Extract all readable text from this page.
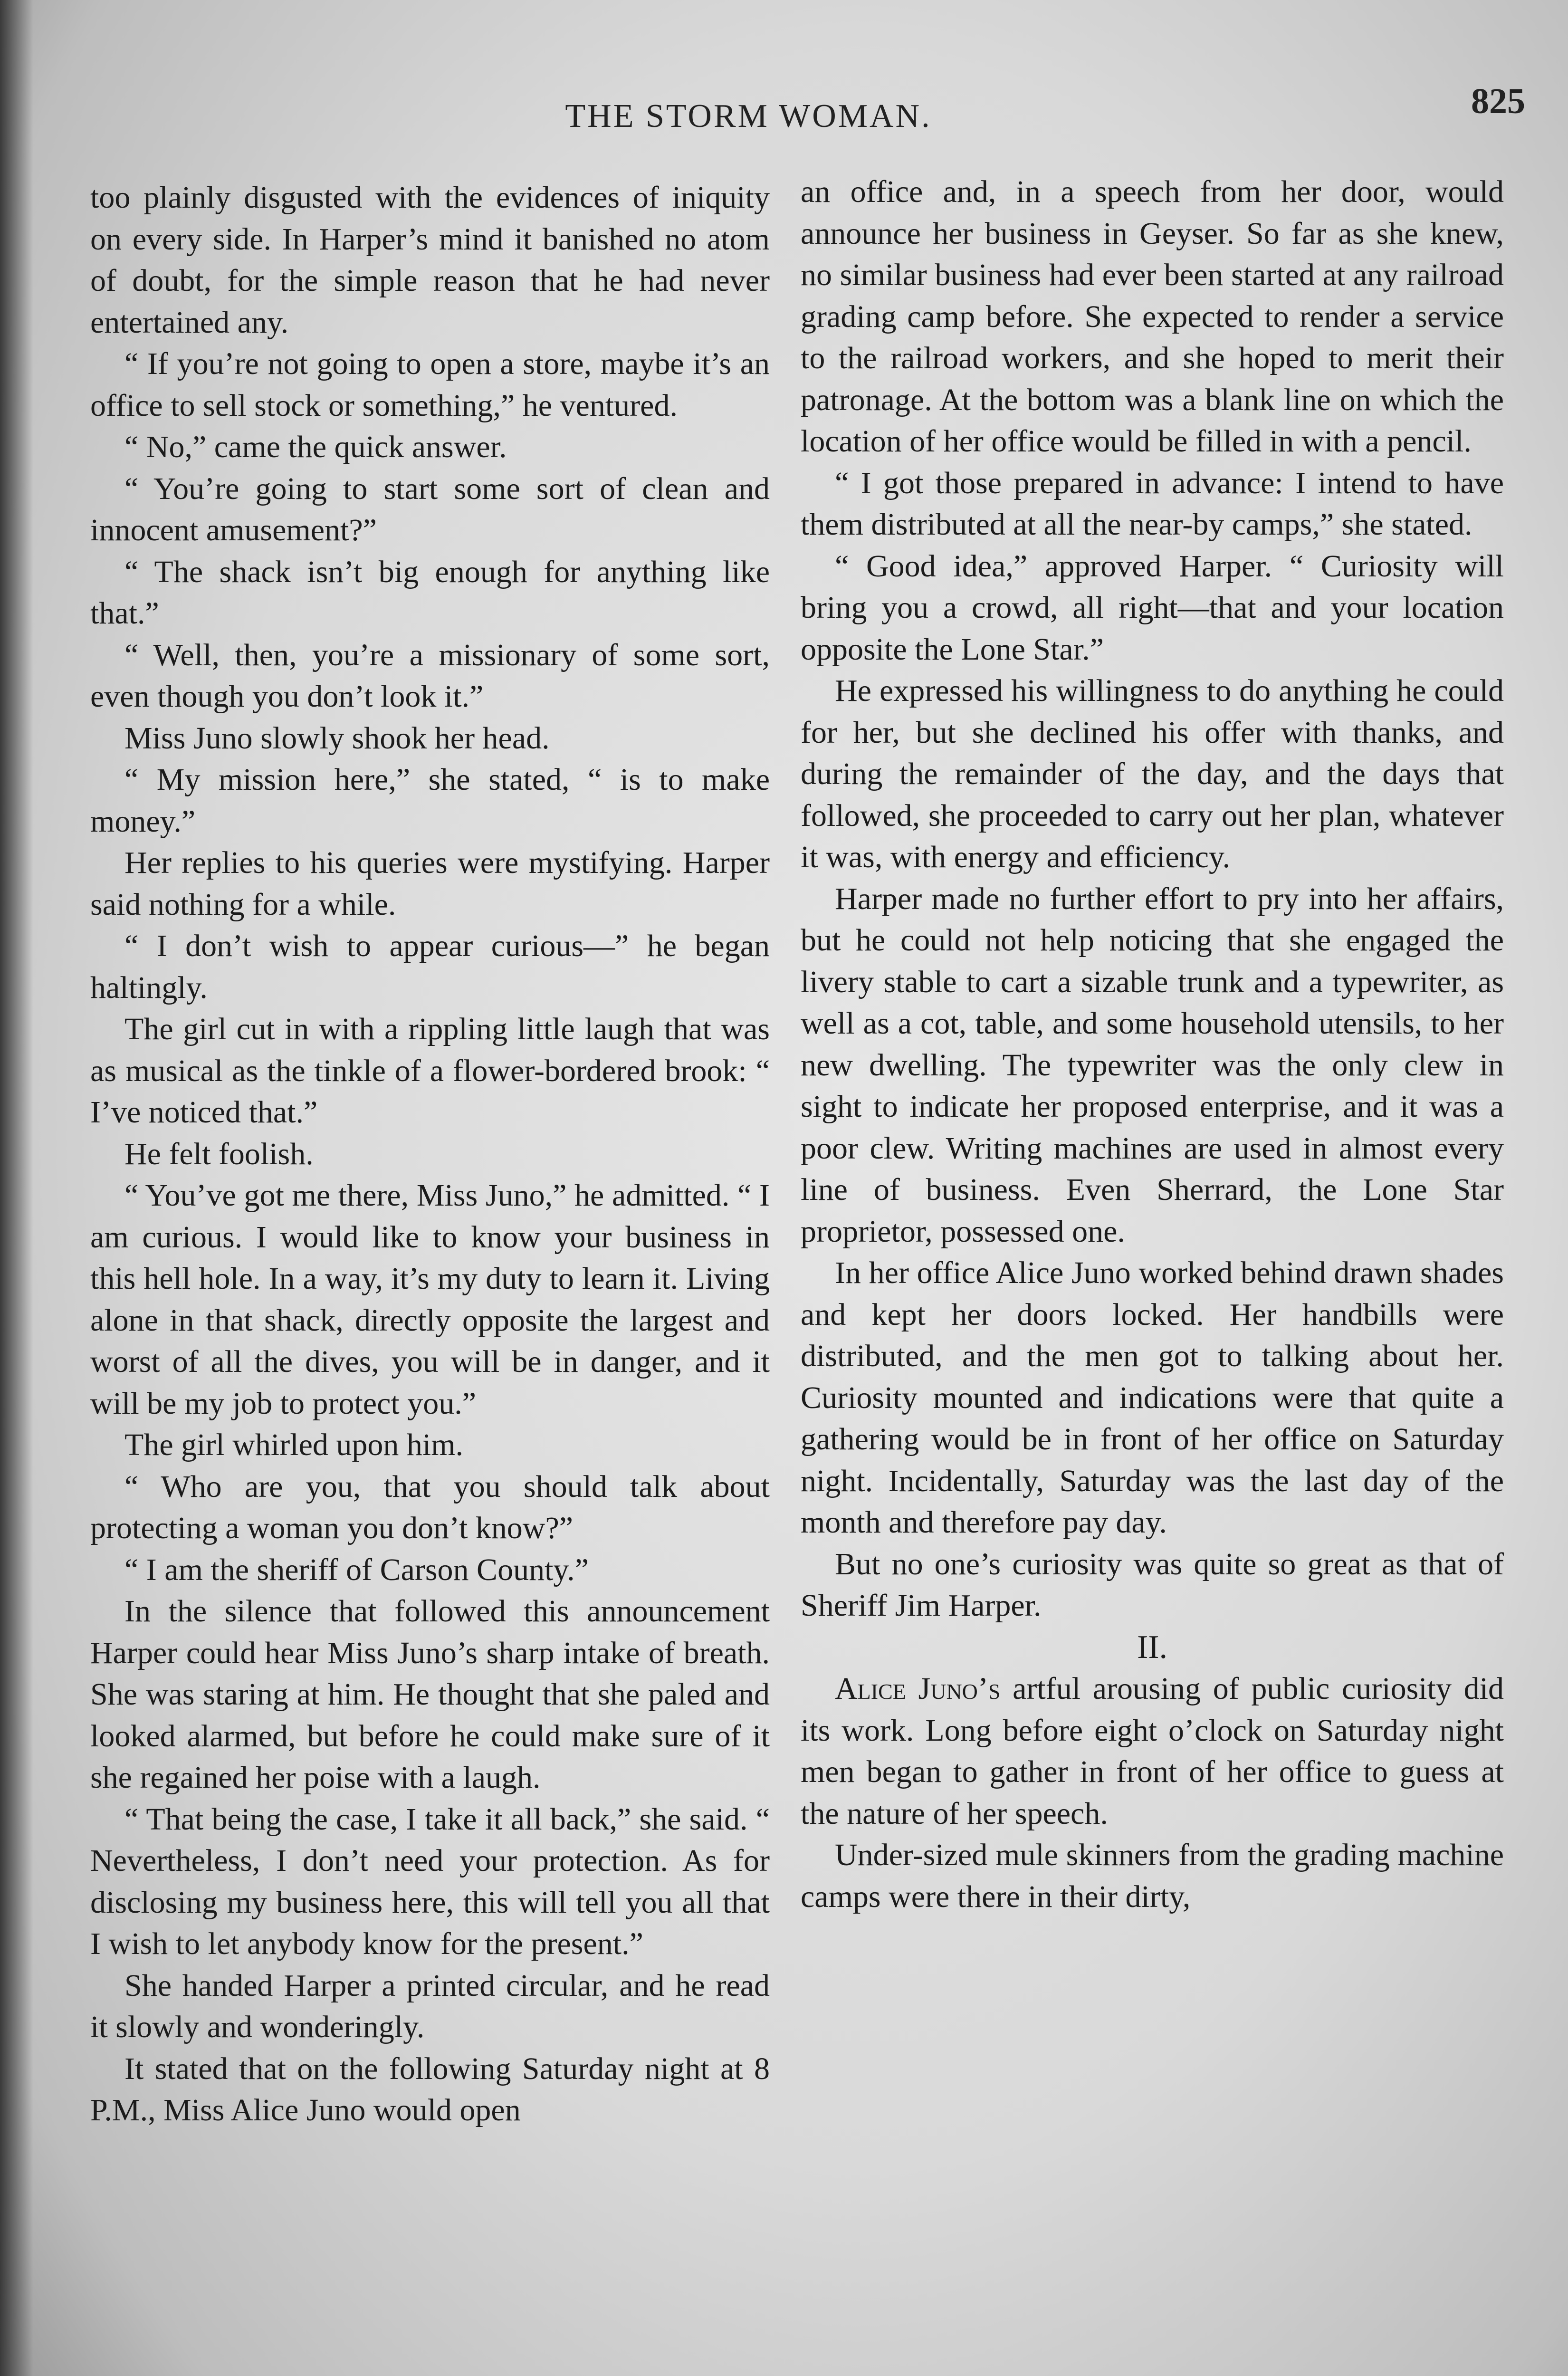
THE STORM WOMAN.	825

too plainly disgusted with the evidences of iniquity on every side. In Harper’s mind it banished no atom of doubt, for the simple reason that he had never entertained any.

“ If you’re not going to open a store, maybe it’s an office to sell stock or something,” he ventured.

“ No,” came the quick answer.

“ You’re going to start some sort of clean and innocent amusement?”

“ The shack isn’t big enough for anything like that.”

“ Well, then, you’re a missionary of some sort, even though you don’t look it.”

Miss Juno slowly shook her head.

“ My mission here,” she stated, “ is to make money.”

Her replies to his queries were mystifying. Harper said nothing for a while.

“ I don’t wish to appear curious—” he began haltingly.

The girl cut in with a rippling little laugh that was as musical as the tinkle of a flower-bordered brook: “ I’ve noticed that.”

He felt foolish.

“ You’ve got me there, Miss Juno,” he admitted. “ I am curious. I would like to know your business in this hell hole. In a way, it’s my duty to learn it. Living alone in that shack, directly opposite the largest and worst of all the dives, you will be in danger, and it will be my job to protect you.”

The girl whirled upon him.

“ Who are you, that you should talk about protecting a woman you don’t know?”

“ I am the sheriff of Carson County.”

In the silence that followed this announcement Harper could hear Miss Juno’s sharp intake of breath. She was staring at him. He thought that she paled and looked alarmed, but before he could make sure of it she regained her poise with a laugh.

“ That being the case, I take it all back,” she said. “ Nevertheless, I don’t need your protection. As for disclosing my business here, this will tell you all that I wish to let anybody know for the present.”

She handed Harper a printed circular, and he read it slowly and wonderingly.

It stated that on the following Saturday night at 8 P.M., Miss Alice Juno would open

an office and, in a speech from her door, would announce her business in Geyser. So far as she knew, no similar business had ever been started at any railroad grading camp before. She expected to render a service to the railroad workers, and she hoped to merit their patronage. At the bottom was a blank line on which the location of her office would be filled in with a pencil.

“ I got those prepared in advance: I intend to have them distributed at all the near-by camps,” she stated.

“ Good idea,” approved Harper. “ Curiosity will bring you a crowd, all right—that and your location opposite the Lone Star.”

He expressed his willingness to do anything he could for her, but she declined his offer with thanks, and during the remainder of the day, and the days that followed, she proceeded to carry out her plan, whatever it was, with energy and efficiency.

Harper made no further effort to pry into her affairs, but he could not help noticing that she engaged the livery stable to cart a sizable trunk and a typewriter, as well as a cot, table, and some household utensils, to her new dwelling. The typewriter was the only clew in sight to indicate her proposed enterprise, and it was a poor clew. Writing machines are used in almost every line of business. Even Sherrard, the Lone Star proprietor, possessed one.

In her office Alice Juno worked behind drawn shades and kept her doors locked. Her handbills were distributed, and the men got to talking about her. Curiosity mounted and indications were that quite a gathering would be in front of her office on Saturday night. Incidentally, Saturday was the last day of the month and therefore pay day.

But no one’s curiosity was quite so great as that of Sheriff Jim Harper.

II.

Alice Juno’s artful arousing of public curiosity did its work. Long before eight o’clock on Saturday night men began to gather in front of her office to guess at the nature of her speech.

Under-sized mule skinners from the grading machine camps were there in their dirty,
